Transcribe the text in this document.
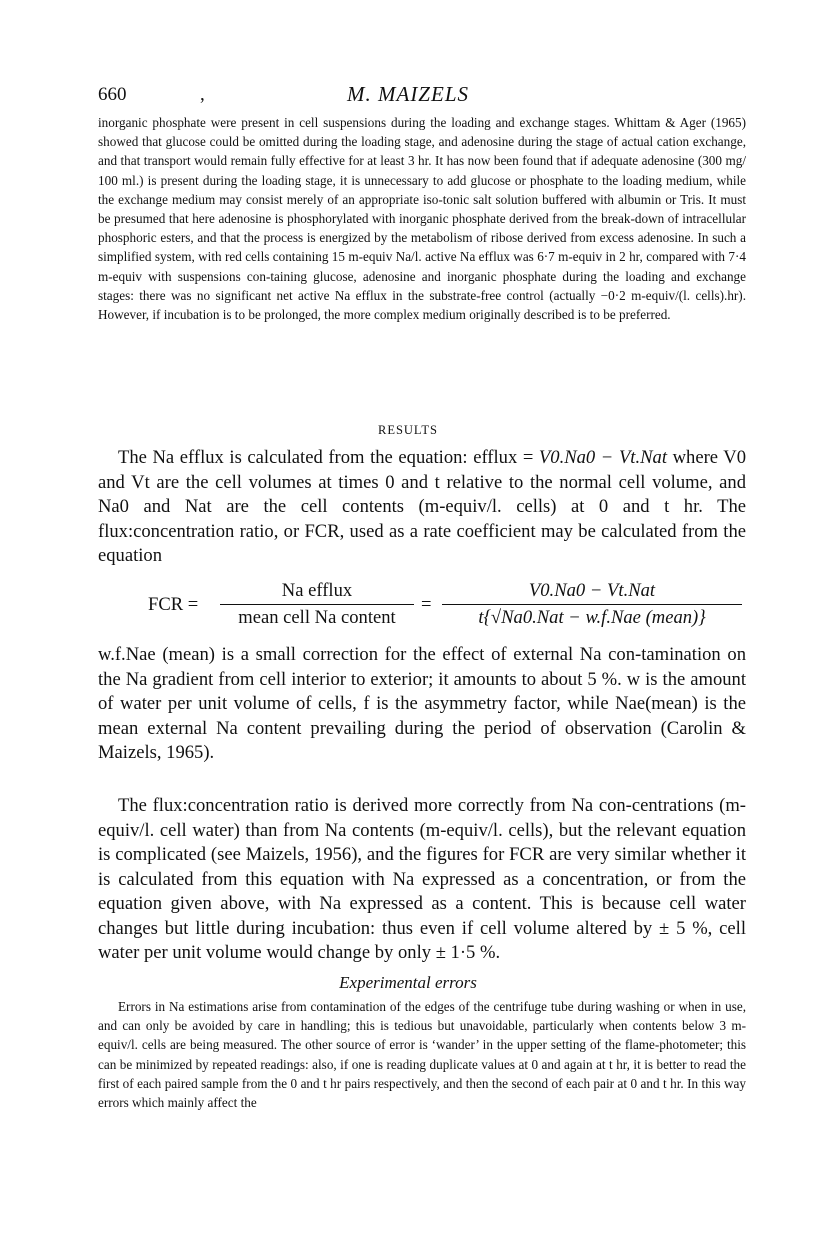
660	,	M. MAIZELS

inorganic phosphate were present in cell suspensions during the loading and exchange stages. Whittam & Ager (1965) showed that glucose could be omitted during the loading stage, and adenosine during the stage of actual cation exchange, and that transport would remain fully effective for at least 3 hr. It has now been found that if adequate adenosine (300 mg/ 100 ml.) is present during the loading stage, it is unnecessary to add glucose or phosphate to the loading medium, while the exchange medium may consist merely of an appropriate iso-tonic salt solution buffered with albumin or Tris. It must be presumed that here adenosine is phosphorylated with inorganic phosphate derived from the break-down of intracellular phosphoric esters, and that the process is energized by the metabolism of ribose derived from excess adenosine. In such a simplified system, with red cells containing 15 m-equiv Na/l. active Na efflux was 6·7 m-equiv in 2 hr, compared with 7·4 m-equiv with suspensions con-taining glucose, adenosine and inorganic phosphate during the loading and exchange stages: there was no significant net active Na efflux in the substrate-free control (actually −0·2 m-equiv/(l. cells).hr). However, if incubation is to be prolonged, the more complex medium originally described is to be preferred.

RESULTS

The Na efflux is calculated from the equation: efflux = V0.Na0 − Vt.Nat where V0 and Vt are the cell volumes at times 0 and t relative to the normal cell volume, and Na0 and Nat are the cell contents (m-equiv/l. cells) at 0 and t hr. The flux:concentration ratio, or FCR, used as a rate coefficient may be calculated from the equation

FCR =
Na efflux
mean cell Na content
=
V0.Na0 − Vt.Nat
t{√Na0.Nat − w.f.Nae (mean)}

w.f.Nae (mean) is a small correction for the effect of external Na con-tamination on the Na gradient from cell interior to exterior; it amounts to about 5 %. w is the amount of water per unit volume of cells, f is the asymmetry factor, while Nae(mean) is the mean external Na content prevailing during the period of observation (Carolin & Maizels, 1965).

The flux:concentration ratio is derived more correctly from Na con-centrations (m-equiv/l. cell water) than from Na contents (m-equiv/l. cells), but the relevant equation is complicated (see Maizels, 1956), and the figures for FCR are very similar whether it is calculated from this equation with Na expressed as a concentration, or from the equation given above, with Na expressed as a content. This is because cell water changes but little during incubation: thus even if cell volume altered by ± 5 %, cell water per unit volume would change by only ± 1·5 %.

Experimental errors

Errors in Na estimations arise from contamination of the edges of the centrifuge tube during washing or when in use, and can only be avoided by care in handling; this is tedious but unavoidable, particularly when contents below 3 m-equiv/l. cells are being measured. The other source of error is ‘wander’ in the upper setting of the flame-photometer; this can be minimized by repeated readings: also, if one is reading duplicate values at 0 and again at t hr, it is better to read the first of each paired sample from the 0 and t hr pairs respectively, and then the second of each pair at 0 and t hr. In this way errors which mainly affect the
